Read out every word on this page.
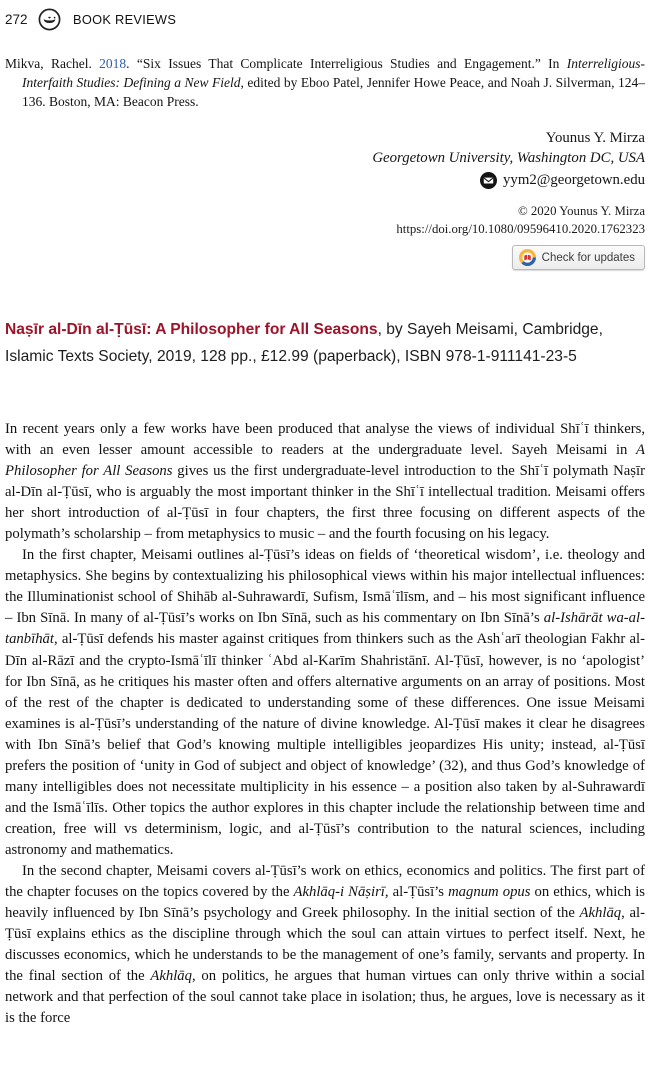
272	BOOK REVIEWS

Mikva, Rachel. 2018. “Six Issues That Complicate Interreligious Studies and Engagement.” In Interreligious-Interfaith Studies: Defining a New Field, edited by Eboo Patel, Jennifer Howe Peace, and Noah J. Silverman, 124–136. Boston, MA: Beacon Press.

Younus Y. Mirza
Georgetown University, Washington DC, USA
yym2@georgetown.edu
© 2020 Younus Y. Mirza
https://doi.org/10.1080/09596410.2020.1762323
Check for updates
Naṣīr al-Dīn al-Ṭūsī: A Philosopher for All Seasons, by Sayeh Meisami, Cambridge, Islamic Texts Society, 2019, 128 pp., £12.99 (paperback), ISBN 978-1-911141-23-5

In recent years only a few works have been produced that analyse the views of individual Shīʿī thinkers, with an even lesser amount accessible to readers at the undergraduate level. Sayeh Meisami in A Philosopher for All Seasons gives us the first undergraduate-level introduction to the Shīʿī polymath Naṣīr al-Dīn al-Ṭūsī, who is arguably the most important thinker in the Shīʿī intellectual tradition. Meisami offers her short introduction of al-Ṭūsī in four chapters, the first three focusing on different aspects of the polymath’s scholarship – from metaphysics to music – and the fourth focusing on his legacy.

In the first chapter, Meisami outlines al-Ṭūsī’s ideas on fields of ‘theoretical wisdom’, i.e. theology and metaphysics. She begins by contextualizing his philosophical views within his major intellectual influences: the Illuminationist school of Shihāb al-Suhrawardī, Sufism, Ismāʿīlīsm, and – his most significant influence – Ibn Sīnā. In many of al-Ṭūsī’s works on Ibn Sīnā, such as his commentary on Ibn Sīnā’s al-Ishārāt wa-al-tanbīhāt, al-Ṭūsī defends his master against critiques from thinkers such as the Ashʿarī theologian Fakhr al-Dīn al-Rāzī and the crypto-Ismāʿīlī thinker ʿAbd al-Karīm Shahristānī. Al-Ṭūsī, however, is no ‘apologist’ for Ibn Sīnā, as he critiques his master often and offers alternative arguments on an array of positions. Most of the rest of the chapter is dedicated to understanding some of these differences. One issue Meisami examines is al-Ṭūsī’s understanding of the nature of divine knowledge. Al-Ṭūsī makes it clear he disagrees with Ibn Sīnā’s belief that God’s knowing multiple intelligibles jeopardizes His unity; instead, al-Ṭūsī prefers the position of ‘unity in God of subject and object of knowledge’ (32), and thus God’s knowledge of many intelligibles does not necessitate multiplicity in his essence – a position also taken by al-Suhrawardī and the Ismāʿīlīs. Other topics the author explores in this chapter include the relationship between time and creation, free will vs determinism, logic, and al-Ṭūsī’s contribution to the natural sciences, including astronomy and mathematics.

In the second chapter, Meisami covers al-Ṭūsī’s work on ethics, economics and politics. The first part of the chapter focuses on the topics covered by the Akhlāq-i Nāṣirī, al-Ṭūsī’s magnum opus on ethics, which is heavily influenced by Ibn Sīnā’s psychology and Greek philosophy. In the initial section of the Akhlāq, al-Ṭūsī explains ethics as the discipline through which the soul can attain virtues to perfect itself. Next, he discusses economics, which he understands to be the management of one’s family, servants and property. In the final section of the Akhlāq, on politics, he argues that human virtues can only thrive within a social network and that perfection of the soul cannot take place in isolation; thus, he argues, love is necessary as it is the force
